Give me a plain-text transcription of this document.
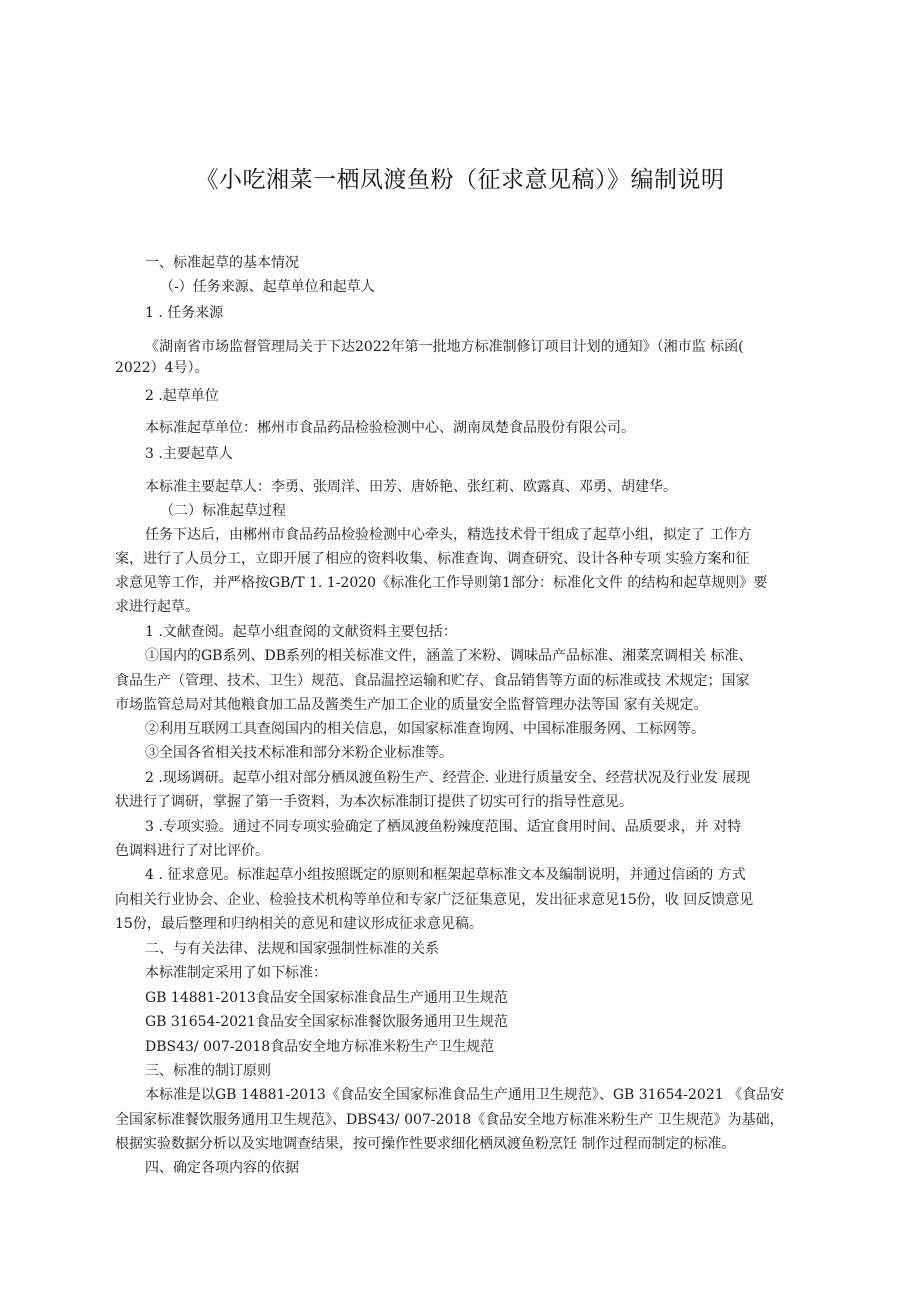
《小吃湘菜一栖凤渡鱼粉（征求意见稿）》编制说明
一、标准起草的基本情况
（-）任务来源、起草单位和起草人
1 . 任务来源
《湖南省市场监督管理局关于下达2022年第一批地方标准制修订项目计划的通知》（湘市监 标函(
2022）4号）。
2 .起草单位
本标准起草单位：郴州市食品药品检验检测中心、湖南凤楚食品股份有限公司。
3 .主要起草人
本标准主要起草人：李勇、张周洋、田芳、唐娇艳、张红莉、欧露真、邓勇、胡建华。
（二）标准起草过程
任务下达后，由郴州市食品药品检验检测中心牵头，精选技术骨干组成了起草小组，拟定了 工作方
案，进行了人员分工，立即开展了相应的资料收集、标准查询、调查研究、设计各种专项 实验方案和征
求意见等工作，并严格按GB/T 1. 1-2020《标准化工作导则第1部分：标准化文件 的结构和起草规则》要
求进行起草。
1 .文献查阅。起草小组查阅的文献资料主要包括：
①国内的GB系列、DB系列的相关标准文件，涵盖了米粉、调味品产品标准、湘菜烹调相关 标准、
食品生产（管理、技术、卫生）规范、食品温控运输和贮存、食品销售等方面的标准或技 术规定；国家
市场监管总局对其他粮食加工品及酱类生产加工企业的质量安全监督管理办法等国 家有关规定。
②利用互联网工具查阅国内的相关信息，如国家标准查询网、中国标准服务网、工标网等。
③全国各省相关技术标准和部分米粉企业标准等。
2 .现场调研。起草小组对部分栖凤渡鱼粉生产、经营企. 业进行质量安全、经营状况及行业发 展现
状进行了调研，掌握了第一手资料，为本次标准制订提供了切实可行的指导性意见。
3 .专项实验。通过不同专项实验确定了栖凤渡鱼粉辣度范围、适宜食用时间、品质要求，并 对特
色调料进行了对比评价。
4 . 征求意见。标准起草小组按照既定的原则和框架起草标准文本及编制说明，并通过信函的 方式
向相关行业协会、企业、检验技术机构等单位和专家广泛征集意见，发出征求意见15份，收 回反馈意见
15份，最后整理和归纳相关的意见和建议形成征求意见稿。
二、与有关法律、法规和国家强制性标准的关系
本标准制定采用了如下标准：
GB 14881-2013食品安全国家标准食品生产通用卫生规范
GB 31654-2021食品安全国家标准餐饮服务通用卫生规范
DBS43/ 007-2018食品安全地方标准米粉生产卫生规范
三、标准的制订原则
本标准是以GB 14881-2013《食品安全国家标准食品生产通用卫生规范》、GB 31654-2021 《食品安
全国家标准餐饮服务通用卫生规范》、DBS43/ 007-2018《食品安全地方标准米粉生产 卫生规范》为基础，
根据实验数据分析以及实地调查结果，按可操作性要求细化栖凤渡鱼粉烹饪 制作过程而制定的标准。
四、确定各项内容的依据
